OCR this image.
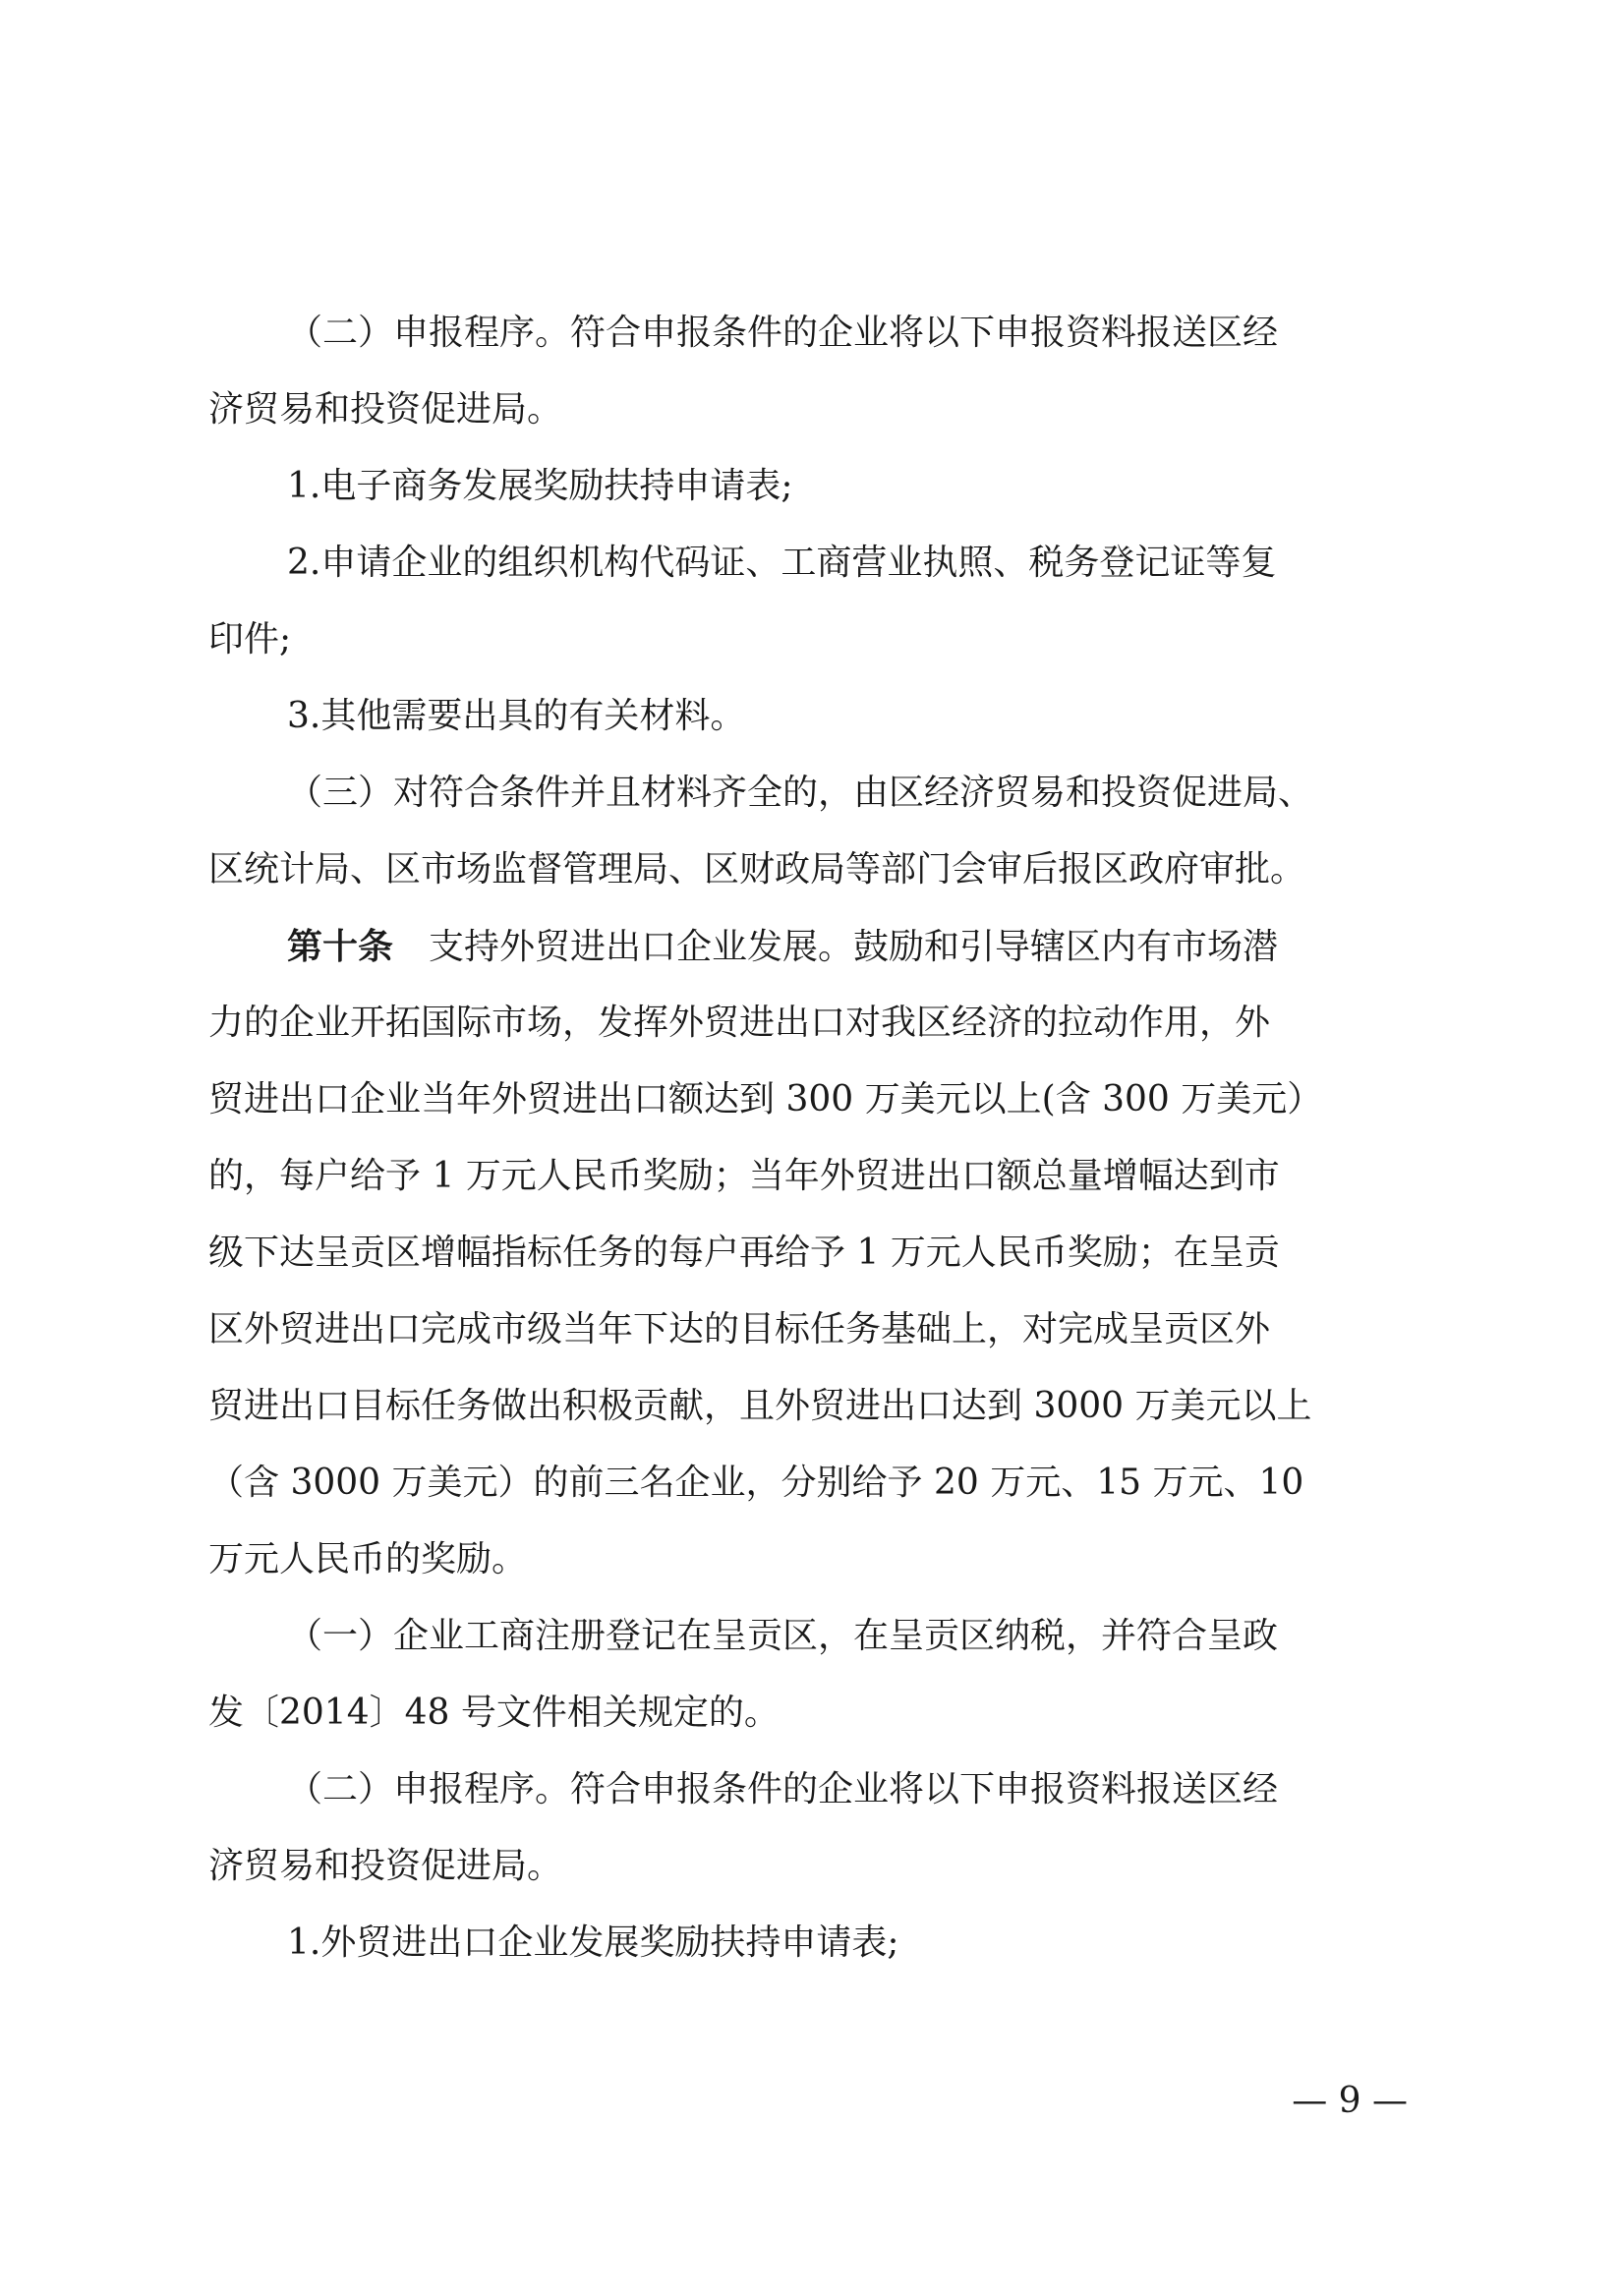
（二）申报程序。符合申报条件的企业将以下申报资料报送区经
济贸易和投资促进局。
1.电子商务发展奖励扶持申请表;
2.申请企业的组织机构代码证、工商营业执照、税务登记证等复
印件;
3.其他需要出具的有关材料。
（三）对符合条件并且材料齐全的，由区经济贸易和投资促进局、
区统计局、区市场监督管理局、区财政局等部门会审后报区政府审批。
第十条 支持外贸进出口企业发展。鼓励和引导辖区内有市场潜
力的企业开拓国际市场，发挥外贸进出口对我区经济的拉动作用，外
贸进出口企业当年外贸进出口额达到 300 万美元以上(含 300 万美元）
的，每户给予 1 万元人民币奖励；当年外贸进出口额总量增幅达到市
级下达呈贡区增幅指标任务的每户再给予 1 万元人民币奖励；在呈贡
区外贸进出口完成市级当年下达的目标任务基础上，对完成呈贡区外
贸进出口目标任务做出积极贡献，且外贸进出口达到 3000 万美元以上
（含 3000 万美元）的前三名企业，分别给予 20 万元、15 万元、10
万元人民币的奖励。
（一）企业工商注册登记在呈贡区，在呈贡区纳税，并符合呈政
发〔2014〕48 号文件相关规定的。
（二）申报程序。符合申报条件的企业将以下申报资料报送区经
济贸易和投资促进局。
1.外贸进出口企业发展奖励扶持申请表;
— 9 —
